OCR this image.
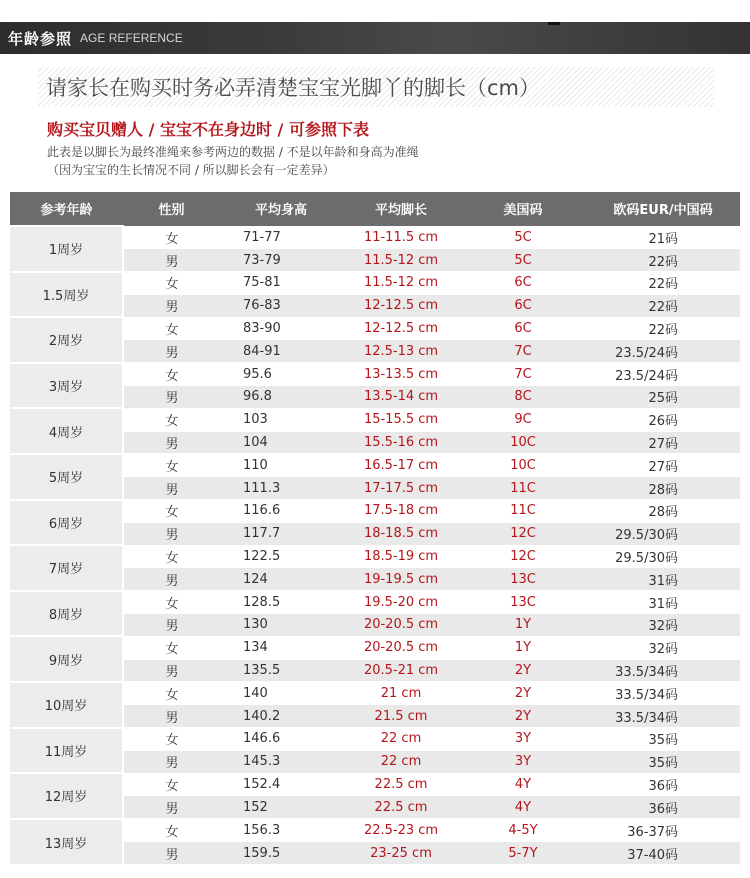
年龄参照 AGE REFERENCE
请家长在购买时务必弄清楚宝宝光脚丫的脚长（cm）
购买宝贝赠人 / 宝宝不在身边时 / 可参照下表
此表是以脚长为最终准绳来参考两边的数据 / 不是以年龄和身高为准绳
（因为宝宝的生长情况不同 / 所以脚长会有一定差异）
参考年龄	性别	平均身高	平均脚长	美国码	欧码EUR/中国码
1周岁	女	71-77	11-11.5 cm	5C	21码
	男	73-79	11.5-12 cm	5C	22码
1.5周岁	女	75-81	11.5-12 cm	6C	22码
	男	76-83	12-12.5 cm	6C	22码
2周岁	女	83-90	12-12.5 cm	6C	22码
	男	84-91	12.5-13 cm	7C	23.5/24码
3周岁	女	95.6	13-13.5 cm	7C	23.5/24码
	男	96.8	13.5-14 cm	8C	25码
4周岁	女	103	15-15.5 cm	9C	26码
	男	104	15.5-16 cm	10C	27码
5周岁	女	110	16.5-17 cm	10C	27码
	男	111.3	17-17.5 cm	11C	28码
6周岁	女	116.6	17.5-18 cm	11C	28码
	男	117.7	18-18.5 cm	12C	29.5/30码
7周岁	女	122.5	18.5-19 cm	12C	29.5/30码
	男	124	19-19.5 cm	13C	31码
8周岁	女	128.5	19.5-20 cm	13C	31码
	男	130	20-20.5 cm	1Y	32码
9周岁	女	134	20-20.5 cm	1Y	32码
	男	135.5	20.5-21 cm	2Y	33.5/34码
10周岁	女	140	21 cm	2Y	33.5/34码
	男	140.2	21.5 cm	2Y	33.5/34码
11周岁	女	146.6	22 cm	3Y	35码
	男	145.3	22 cm	3Y	35码
12周岁	女	152.4	22.5 cm	4Y	36码
	男	152	22.5 cm	4Y	36码
13周岁	女	156.3	22.5-23 cm	4-5Y	36-37码
	男	159.5	23-25 cm	5-7Y	37-40码
